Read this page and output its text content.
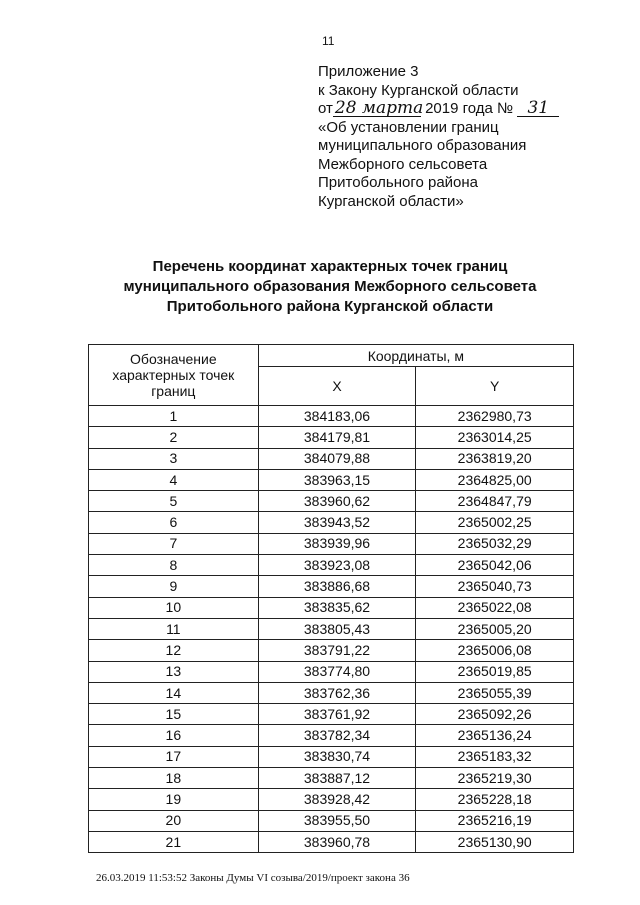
11
Приложение 3
к Закону Курганской области
от 28 марта 2019 года № 31
«Об установлении границ
муниципального образования
Межборного сельсовета
Притобольного района
Курганской области»
Перечень координат характерных точек границ
муниципального образования Межборного сельсовета
Притобольного района Курганской области
Обозначение характерных точек границ	Координаты, м	
	X	Y
1	384183,06	2362980,73
2	384179,81	2363014,25
3	384079,88	2363819,20
4	383963,15	2364825,00
5	383960,62	2364847,79
6	383943,52	2365002,25
7	383939,96	2365032,29
8	383923,08	2365042,06
9	383886,68	2365040,73
10	383835,62	2365022,08
11	383805,43	2365005,20
12	383791,22	2365006,08
13	383774,80	2365019,85
14	383762,36	2365055,39
15	383761,92	2365092,26
16	383782,34	2365136,24
17	383830,74	2365183,32
18	383887,12	2365219,30
19	383928,42	2365228,18
20	383955,50	2365216,19
21	383960,78	2365130,90
26.03.2019 11:53:52 Законы Думы VI созыва/2019/проект закона 36
